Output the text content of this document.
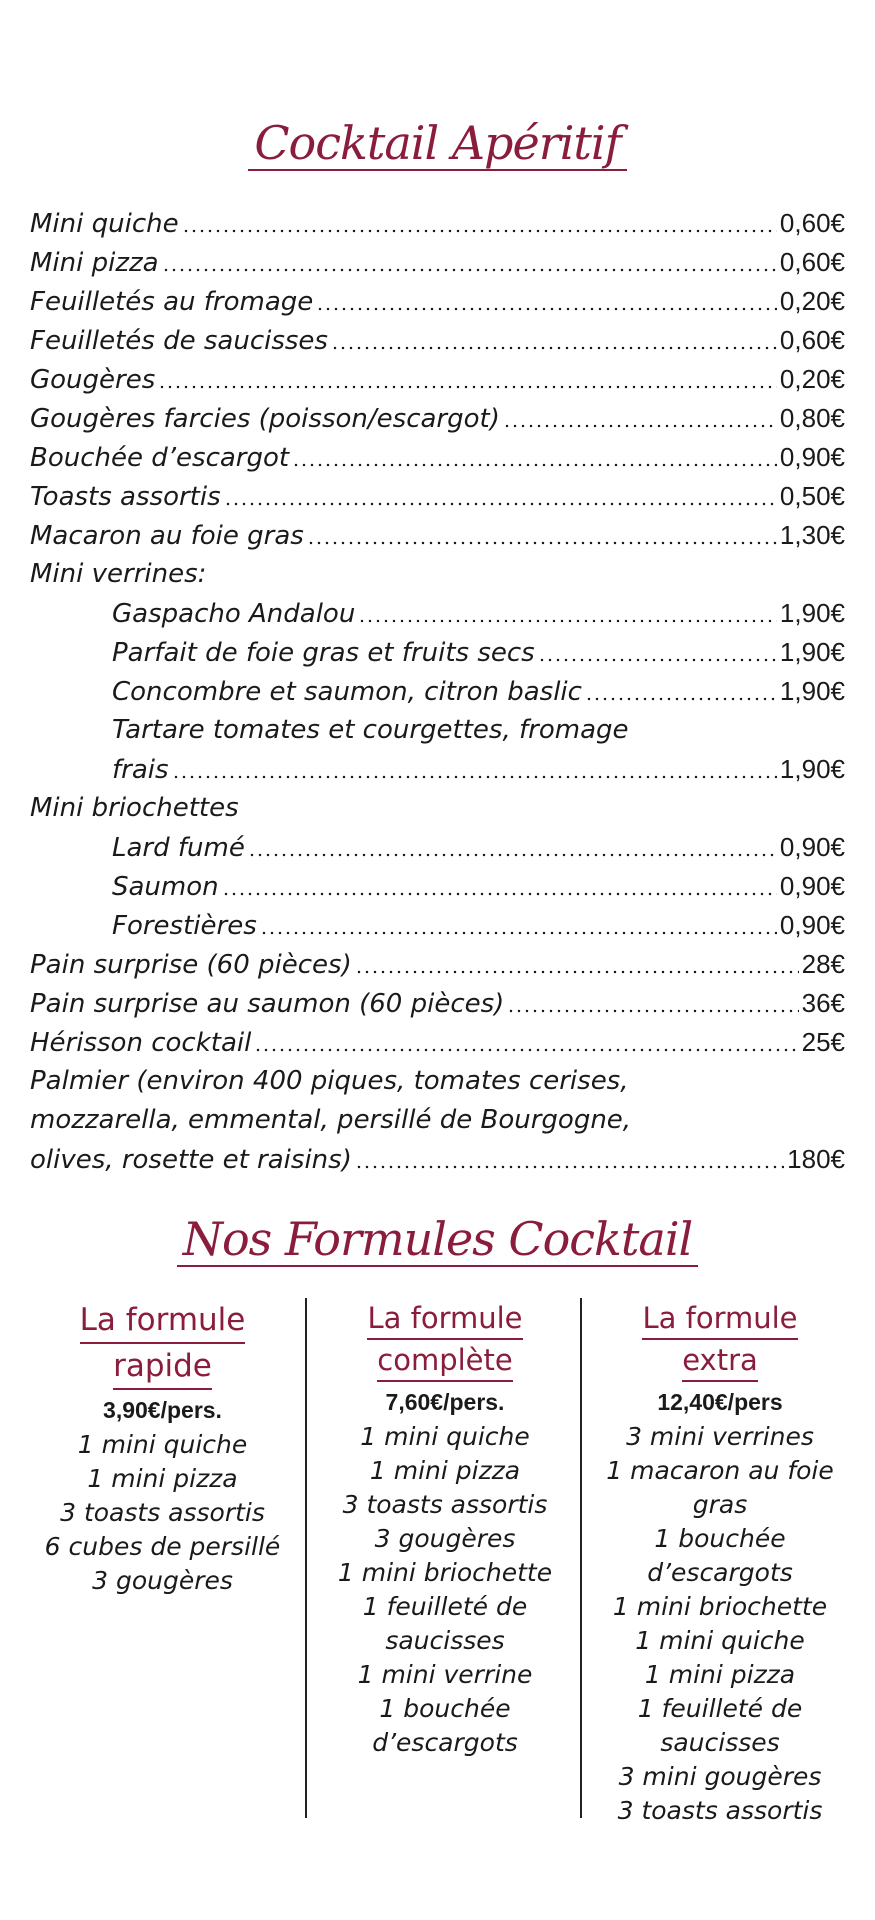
Cocktail Apéritif
Mini quiche	0,60€
Mini pizza	0,60€
Feuilletés au fromage	0,20€
Feuilletés de saucisses	0,60€
Gougères	0,20€
Gougères farcies (poisson/escargot)	0,80€
Bouchée d’escargot	0,90€
Toasts assortis	0,50€
Macaron au foie gras	1,30€
Mini verrines:
Gaspacho Andalou	1,90€
Parfait de foie gras et fruits secs	1,90€
Concombre et saumon, citron baslic	1,90€
Tartare tomates et courgettes, fromage
frais	1,90€
Mini briochettes
Lard fumé	0,90€
Saumon	0,90€
Forestières	0,90€
Pain surprise (60 pièces)	28€
Pain surprise au saumon (60 pièces)	36€
Hérisson cocktail	25€
Palmier (environ 400 piques, tomates cerises,
mozzarella, emmental, persillé de Bourgogne,
olives, rosette et raisins)	180€
Nos Formules Cocktail
La formule
rapide
3,90€/pers.
1 mini quiche
1 mini pizza
3 toasts assortis
6 cubes de persillé
3 gougères
La formule
complète
7,60€/pers.
1 mini quiche
1 mini pizza
3 toasts assortis
3 gougères
1 mini briochette
1 feuilleté de
saucisses
1 mini verrine
1 bouchée
d’escargots
La formule
extra
12,40€/pers
3 mini verrines
1 macaron au foie
gras
1 bouchée
d’escargots
1 mini briochette
1 mini quiche
1 mini pizza
1 feuilleté de
saucisses
3 mini gougères
3 toasts assortis
